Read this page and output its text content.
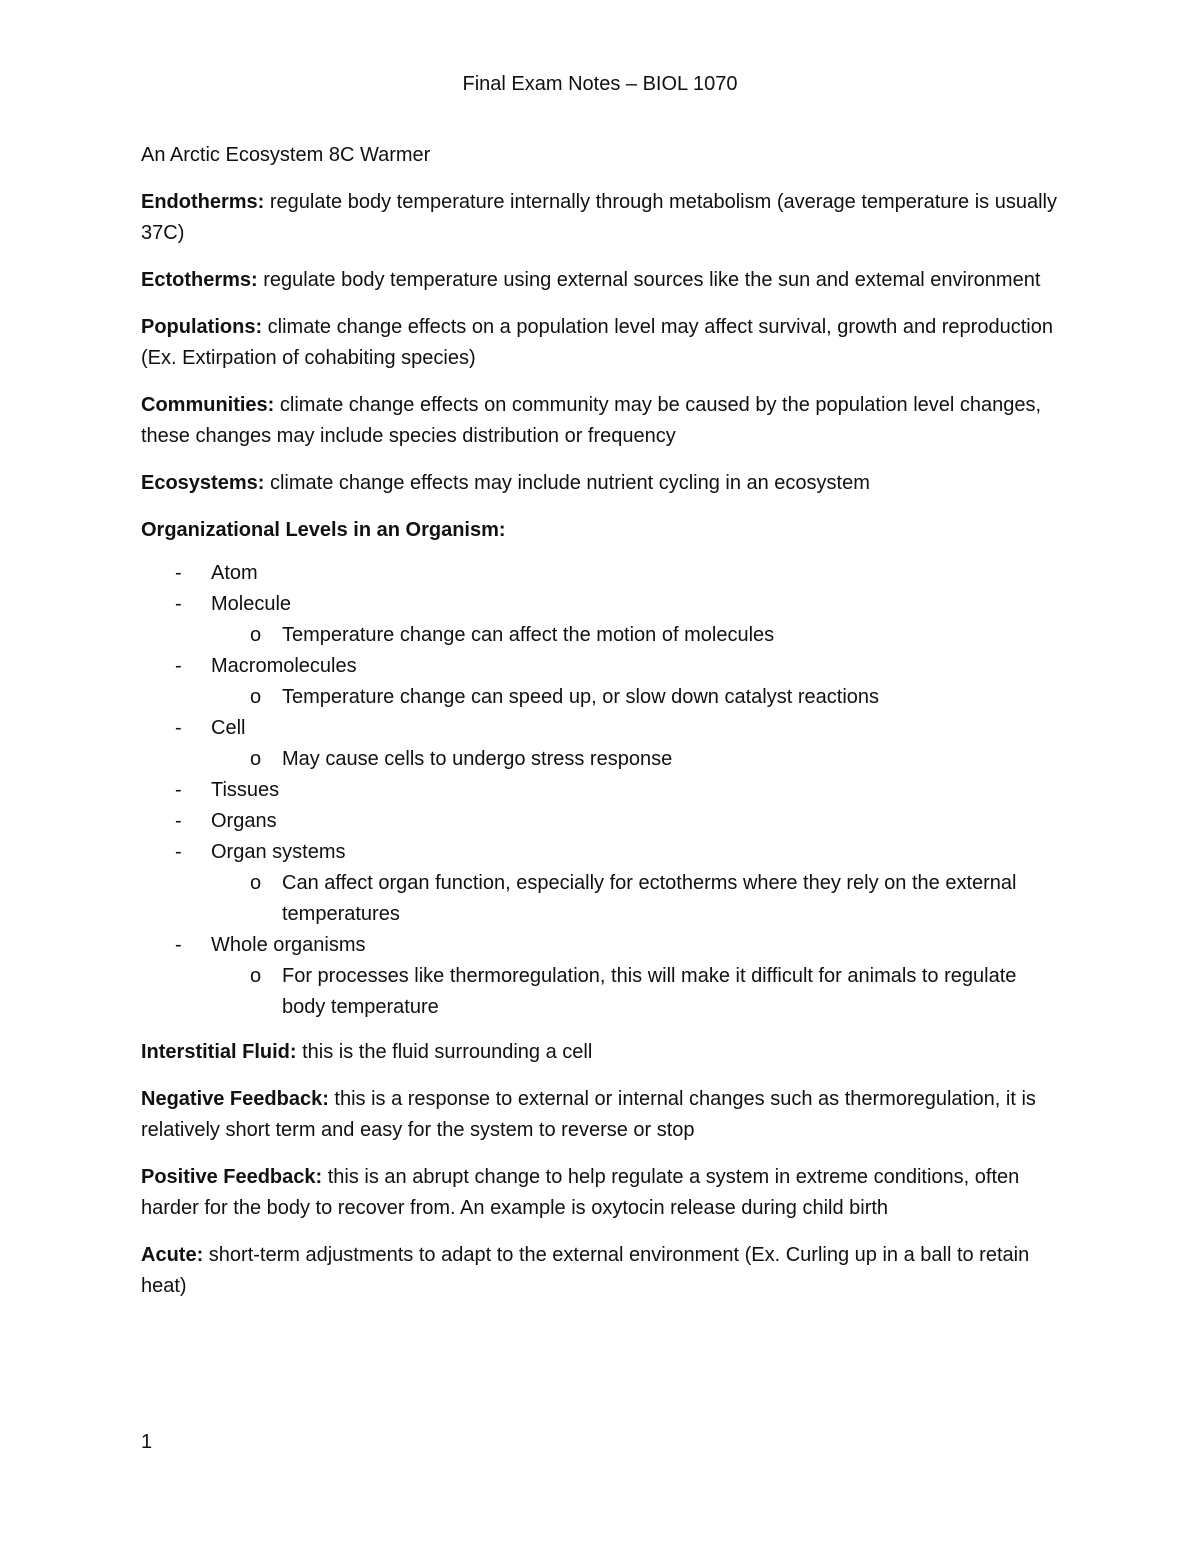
Final Exam Notes – BIOL 1070
An Arctic Ecosystem 8C Warmer
Endotherms: regulate body temperature internally through metabolism (average temperature is usually 37C)
Ectotherms: regulate body temperature using external sources like the sun and extemal environment
Populations: climate change effects on a population level may affect survival, growth and reproduction (Ex. Extirpation of cohabiting species)
Communities: climate change effects on community may be caused by the population level changes, these changes may include species distribution or frequency
Ecosystems: climate change effects may include nutrient cycling in an ecosystem
Organizational Levels in an Organism:
- Atom
- Molecule
o Temperature change can affect the motion of molecules
- Macromolecules
o Temperature change can speed up, or slow down catalyst reactions
- Cell
o May cause cells to undergo stress response
- Tissues
- Organs
- Organ systems
o Can affect organ function, especially for ectotherms where they rely on the external temperatures
- Whole organisms
o For processes like thermoregulation, this will make it difficult for animals to regulate body temperature
Interstitial Fluid: this is the fluid surrounding a cell
Negative Feedback: this is a response to external or internal changes such as thermoregulation, it is relatively short term and easy for the system to reverse or stop
Positive Feedback: this is an abrupt change to help regulate a system in extreme conditions, often harder for the body to recover from. An example is oxytocin release during child birth
Acute: short-term adjustments to adapt to the external environment (Ex. Curling up in a ball to retain heat)
1
